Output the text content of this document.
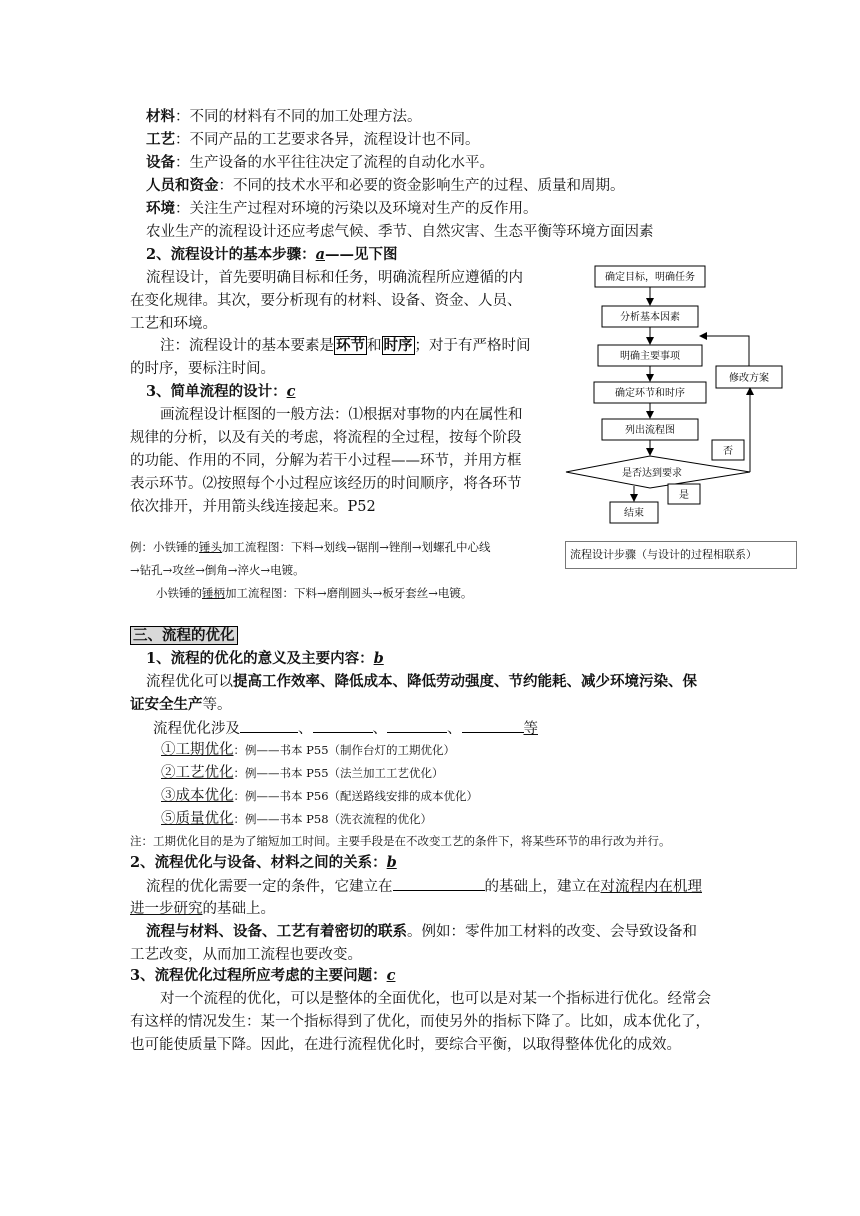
材料：不同的材料有不同的加工处理方法。
工艺：不同产品的工艺要求各异，流程设计也不同。
设备：生产设备的水平往往决定了流程的自动化水平。
人员和资金：不同的技术水平和必要的资金影响生产的过程、质量和周期。
环境：关注生产过程对环境的污染以及环境对生产的反作用。
农业生产的流程设计还应考虑气候、季节、自然灾害、生态平衡等环境方面因素
2、流程设计的基本步骤：a——见下图
流程设计，首先要明确目标和任务，明确流程所应遵循的内
在变化规律。其次，要分析现有的材料、设备、资金、人员、
工艺和环境。
注：流程设计的基本要素是 环节 和 时序 ；对于有严格时间
的时序，要标注时间。
3、简单流程的设计：c
画流程设计框图的一般方法：⑴根据对事物的内在属性和
规律的分析，以及有关的考虑，将流程的全过程，按每个阶段
的功能、作用的不同，分解为若干小过程——环节，并用方框
表示环节。⑵按照每个小过程应该经历的时间顺序，将各环节
依次排开，并用箭头线连接起来。P52
例：小铁锤的锤头加工流程图：下料→划线→锯削→锉削→划螺孔中心线
→钻孔→攻丝→倒角→淬火→电镀。
小铁锤的锤柄加工流程图：下料→磨削圆头→板牙套丝→电镀。
确定目标，明确任务
分析基本因素
明确主要事项
确定环节和时序
列出流程图
是否达到要求
结束
修改方案
否
是
流程设计步骤（与设计的过程相联系）
三、流程的优化
1、流程的优化的意义及主要内容：b
流程优化可以提高工作效率、降低成本、降低劳动强度、节约能耗、减少环境污染、保
证安全生产等。
流程优化涉及	、	、	、	等
①工期优化：例——书本 P55（制作台灯的工期优化）
②工艺优化：例——书本 P55（法兰加工工艺优化）
③成本优化：例——书本 P56（配送路线安排的成本优化）
⑤质量优化：例——书本 P58（洗衣流程的优化）
注：工期优化目的是为了缩短加工时间。主要手段是在不改变工艺的条件下，将某些环节的串行改为并行。
2、流程优化与设备、材料之间的关系：b
流程的优化需要一定的条件，它建立在	的基础上，建立在对流程内在机理
进一步研究的基础上。
流程与材料、设备、工艺有着密切的联系。例如：零件加工材料的改变、会导致设备和
工艺改变，从而加工流程也要改变。
3、流程优化过程所应考虑的主要问题：c
对一个流程的优化，可以是整体的全面优化，也可以是对某一个指标进行优化。经常会
有这样的情况发生：某一个指标得到了优化，而使另外的指标下降了。比如，成本优化了，
也可能使质量下降。因此，在进行流程优化时，要综合平衡，以取得整体优化的成效。
